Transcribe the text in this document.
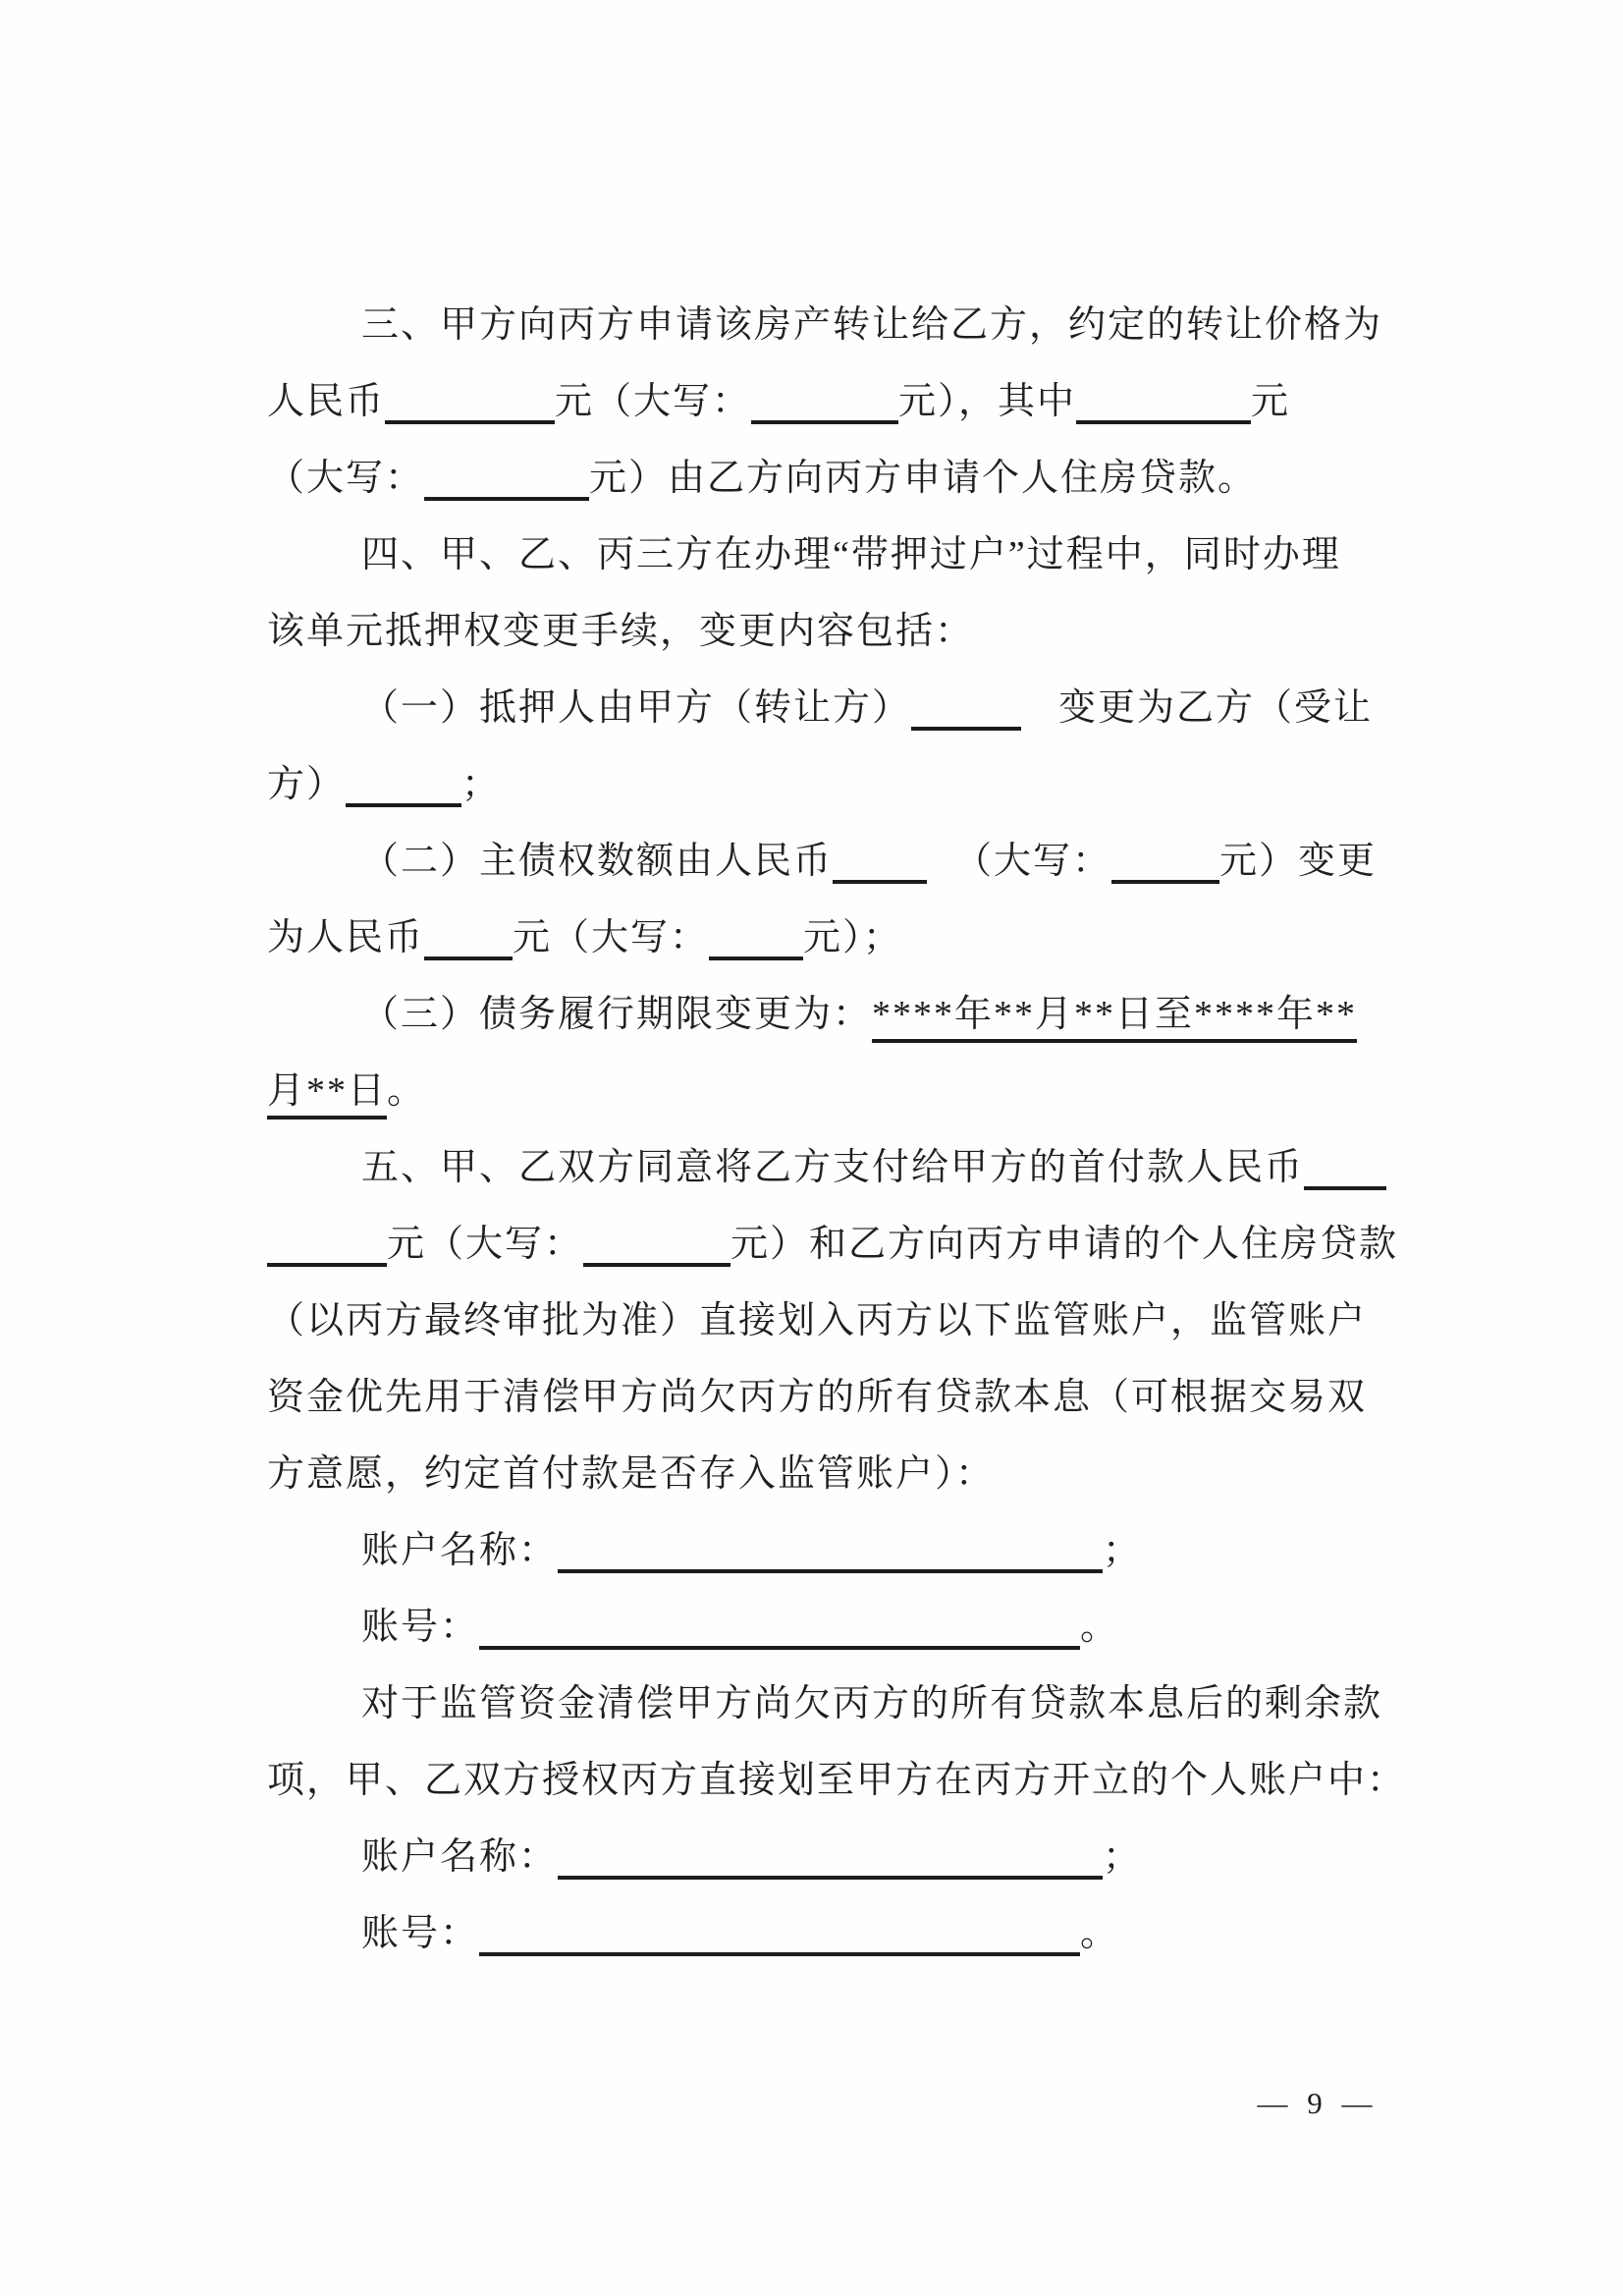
三、甲方向丙方申请该房产转让给乙方，约定的转让价格为
人民币	元（大写：	元），其中	元
（大写：	元）由乙方向丙方申请个人住房贷款。
四、甲、乙、丙三方在办理“带押过户”过程中，同时办理
该单元抵押权变更手续，变更内容包括：
（一）抵押人由甲方（转让方）	变更为乙方（受让
方）	；
（二）主债权数额由人民币	（大写：	元）变更
为人民币 元（大写：	元）；
（三）债务履行期限变更为：****年**月**日至****年**
月**日。
五、甲、乙双方同意将乙方支付给甲方的首付款人民币
元（大写：	元）和乙方向丙方申请的个人住房贷款
（以丙方最终审批为准）直接划入丙方以下监管账户，监管账户
资金优先用于清偿甲方尚欠丙方的所有贷款本息（可根据交易双
方意愿，约定首付款是否存入监管账户）：
账户名称：	；
账号：	。
对于监管资金清偿甲方尚欠丙方的所有贷款本息后的剩余款
项，甲、乙双方授权丙方直接划至甲方在丙方开立的个人账户中：
账户名称：	；
账号：	。
— 9 —
